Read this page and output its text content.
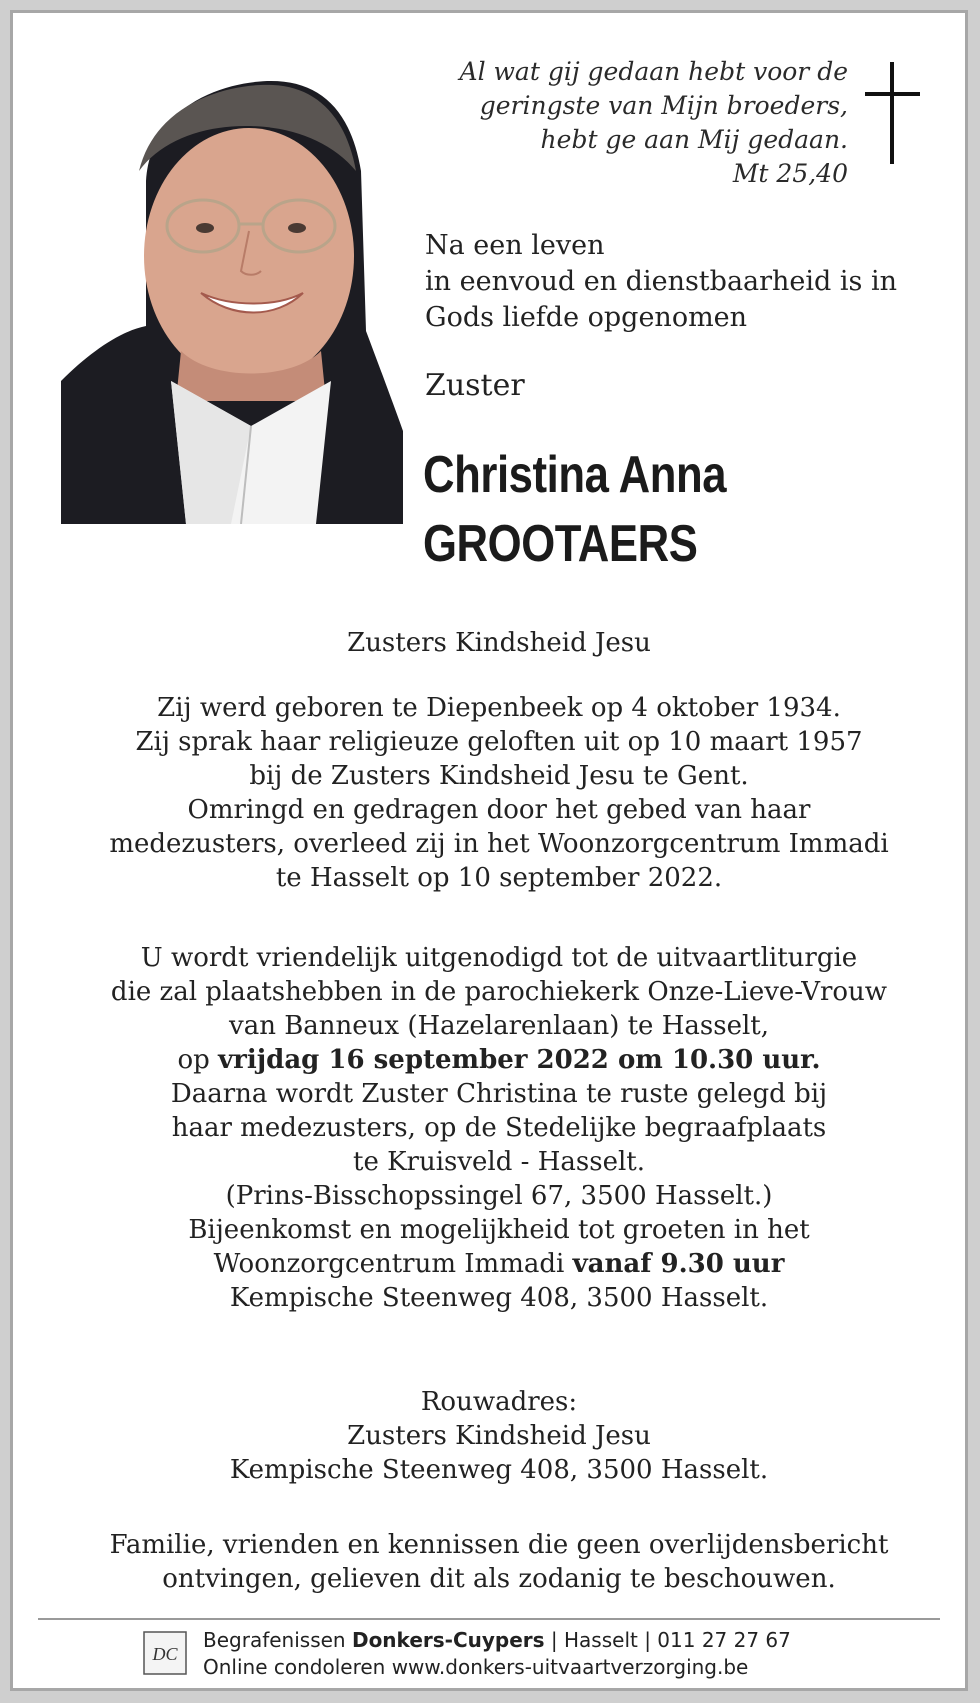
Al wat gij gedaan hebt voor de
geringste van Mijn broeders,
hebt ge aan Mij gedaan.
Mt 25,40
Na een leven
in eenvoud en dienstbaarheid is in
Gods liefde opgenomen
Zuster
Christina Anna
GROOTAERS
Zusters Kindsheid Jesu
Zij werd geboren te Diepenbeek op 4 oktober 1934.
Zij sprak haar religieuze geloften uit op 10 maart 1957
bij de Zusters Kindsheid Jesu te Gent.
Omringd en gedragen door het gebed van haar
medezusters, overleed zij in het Woonzorgcentrum Immadi
te Hasselt op 10 september 2022.
U wordt vriendelijk uitgenodigd tot de uitvaartliturgie
die zal plaatshebben in de parochiekerk Onze-Lieve-Vrouw
van Banneux (Hazelarenlaan) te Hasselt,
op vrijdag 16 september 2022 om 10.30 uur.
Daarna wordt Zuster Christina te ruste gelegd bij
haar medezusters, op de Stedelijke begraafplaats
te Kruisveld - Hasselt.
(Prins-Bisschopssingel 67, 3500 Hasselt.)
Bijeenkomst en mogelijkheid tot groeten in het
Woonzorgcentrum Immadi vanaf 9.30 uur
Kempische Steenweg 408, 3500 Hasselt.
Rouwadres:
Zusters Kindsheid Jesu
Kempische Steenweg 408, 3500 Hasselt.
Familie, vrienden en kennissen die geen overlijdensbericht
ontvingen, gelieven dit als zodanig te beschouwen.
DC
Begrafenissen Donkers-Cuypers | Hasselt | 011 27 27 67
Online condoleren www.donkers-uitvaartverzorging.be
